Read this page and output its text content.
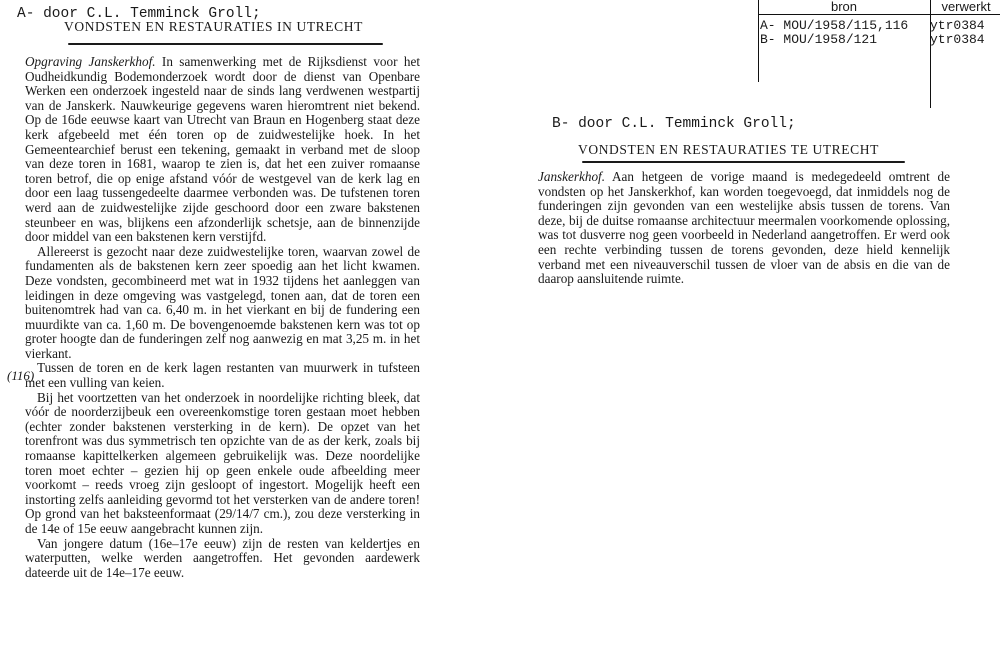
bron	verwerkt
A- MOU/1958/115,116 ytr0384
B- MOU/1958/121	ytr0384
A- door C.L. Temminck Groll;
VONDSTEN EN RESTAURATIES IN UTRECHT

Opgraving Janskerkhof. In samenwerking met de Rijksdienst voor het Oudheidkundig Bodemonderzoek wordt door de dienst van Openbare Werken een onderzoek ingesteld naar de sinds lang verdwenen westpartij van de Janskerk. Nauwkeurige gegevens waren hieromtrent niet bekend. Op de 16de eeuwse kaart van Utrecht van Braun en Hogenberg staat deze kerk afgebeeld met één toren op de zuidwestelijke hoek. In het Gemeentearchief berust een tekening, gemaakt in verband met de sloop van deze toren in 1681, waarop te zien is, dat het een zuiver romaanse toren betrof, die op enige afstand vóór de westgevel van de kerk lag en door een laag tussengedeelte daarmee verbonden was. De tufstenen toren werd aan de zuidwestelijke zijde geschoord door een zware bakstenen steunbeer en was, blijkens een afzonderlijk schetsje, aan de binnenzijde door middel van een bakstenen kern verstijfd.

Allereerst is gezocht naar deze zuidwestelijke toren, waarvan zowel de fundamenten als de bakstenen kern zeer spoedig aan het licht kwamen. Deze vondsten, gecombineerd met wat in 1932 tijdens het aanleggen van leidingen in deze omgeving was vastgelegd, tonen aan, dat de toren een buitenomtrek had van ca. 6,40 m. in het vierkant en bij de fundering een muurdikte van ca. 1,60 m. De bovengenoemde bakstenen kern was tot op groter hoogte dan de funderingen zelf nog aanwezig en mat 3,25 m. in het vierkant.

Tussen de toren en de kerk lagen restanten van muurwerk in tufsteen met een vulling van keien.

Bij het voortzetten van het onderzoek in noordelijke richting bleek, dat vóór de noorderzijbeuk een overeenkomstige toren gestaan moet hebben (echter zonder bakstenen versterking in de kern). De opzet van het torenfront was dus symmetrisch ten opzichte van de as der kerk, zoals bij romaanse kapittelkerken algemeen gebruikelijk was. Deze noordelijke toren moet echter – gezien hij op geen enkele oude afbeelding meer voorkomt – reeds vroeg zijn gesloopt of ingestort. Mogelijk heeft een instorting zelfs aanleiding gevormd tot het versterken van de andere toren! Op grond van het baksteenformaat (29/14/7 cm.), zou deze versterking in de 14e of 15e eeuw aangebracht kunnen zijn.

Van jongere datum (16e–17e eeuw) zijn de resten van keldertjes en waterputten, welke werden aangetroffen. Het gevonden aardewerk dateerde uit de 14e–17e eeuw.

(116)
B- door C.L. Temminck Groll;
VONDSTEN EN RESTAURATIES TE UTRECHT

Janskerkhof. Aan hetgeen de vorige maand is medegedeeld omtrent de vondsten op het Janskerkhof, kan worden toegevoegd, dat inmiddels nog de funderingen zijn gevonden van een westelijke absis tussen de torens. Van deze, bij de duitse romaanse architectuur meermalen voorkomende oplossing, was tot dusverre nog geen voorbeeld in Nederland aangetroffen. Er werd ook een rechte verbinding tussen de torens gevonden, deze hield kennelijk verband met een niveauverschil tussen de vloer van de absis en die van de daarop aansluitende ruimte.
